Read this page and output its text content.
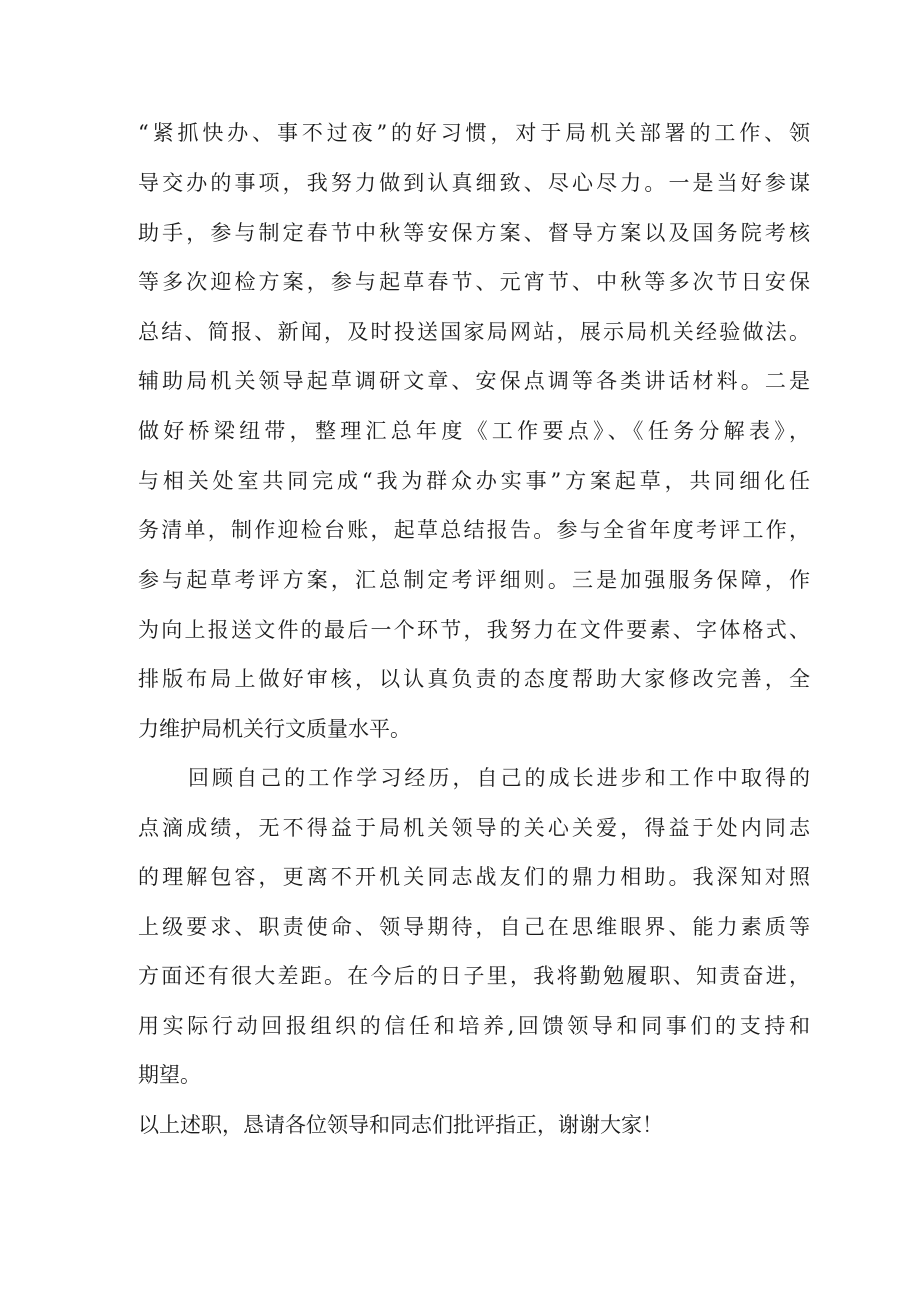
“紧抓快办、事不过夜”的好习惯，对于局机关部署的工作、领
导交办的事项，我努力做到认真细致、尽心尽力。一是当好参谋
助手，参与制定春节中秋等安保方案、督导方案以及国务院考核
等多次迎检方案，参与起草春节、元宵节、中秋等多次节日安保
总结、简报、新闻，及时投送国家局网站，展示局机关经验做法。
辅助局机关领导起草调研文章、安保点调等各类讲话材料。二是
做好桥梁纽带，整理汇总年度《工作要点》、《任务分解表》，
与相关处室共同完成“我为群众办实事”方案起草，共同细化任
务清单，制作迎检台账，起草总结报告。参与全省年度考评工作，
参与起草考评方案，汇总制定考评细则。三是加强服务保障，作
为向上报送文件的最后一个环节，我努力在文件要素、字体格式、
排版布局上做好审核，以认真负责的态度帮助大家修改完善，全
力维护局机关行文质量水平。
回顾自己的工作学习经历，自己的成长进步和工作中取得的
点滴成绩，无不得益于局机关领导的关心关爱，得益于处内同志
的理解包容，更离不开机关同志战友们的鼎力相助。我深知对照
上级要求、职责使命、领导期待，自己在思维眼界、能力素质等
方面还有很大差距。在今后的日子里，我将勤勉履职、知责奋进，
用实际行动回报组织的信任和培养,回馈领导和同事们的支持和
期望。
以上述职，恳请各位领导和同志们批评指正，谢谢大家！
